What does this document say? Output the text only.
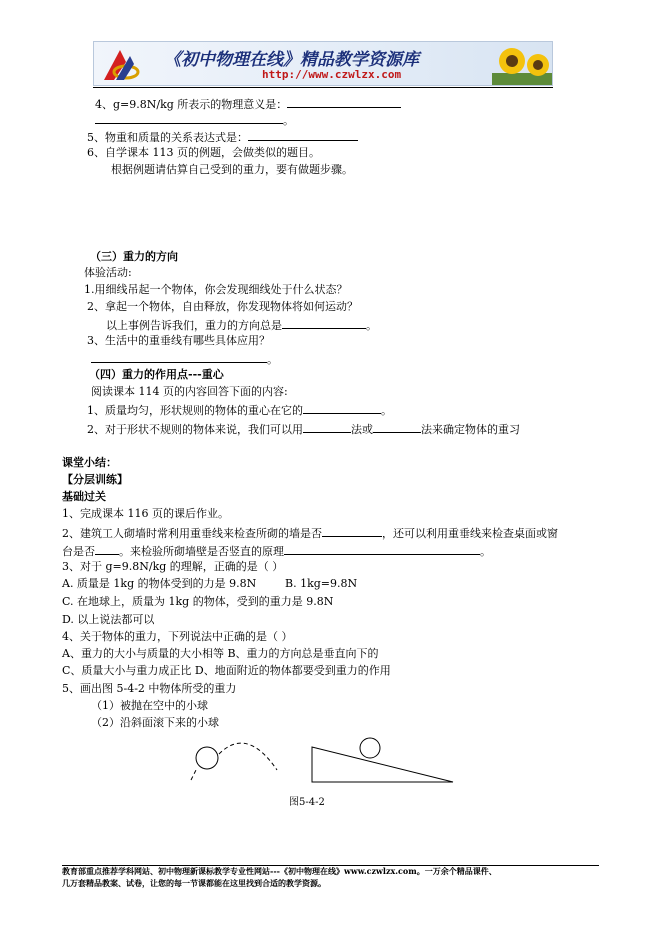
《初中物理在线》精品教学资源库
http://www.czwlzx.com
4、g=9.8N/kg 所表示的物理意义是：
。
5、物重和质量的关系表达式是：
6、自学课本 113 页的例题，会做类似的题目。
根据例题请估算自己受到的重力，要有做题步骤。
（三）重力的方向
体验活动:
1.用细线吊起一个物体，你会发现细线处于什么状态？
2、拿起一个物体，自由释放，你发现物体将如何运动？
以上事例告诉我们，重力的方向总是	。
3、生活中的重垂线有哪些具体应用？
。
（四）重力的作用点---重心
阅读课本 114 页的内容回答下面的内容:
1、质量均匀，形状规则的物体的重心在它的	。
2、对于形状不规则的物体来说，我们可以用	法或	法来确定物体的重习
课堂小结：
【分层训练】
基础过关
1、完成课本 116 页的课后作业。
2、建筑工人砌墙时常利用重垂线来检查所砌的墙是否	，还可以利用重垂线来检查桌面或窗
台是否 。来检验所砌墙壁是否竖直的原理	。
3、对于 g=9.8N/kg 的理解，正确的是（ ）
A. 质量是 1kg 的物体受到的力是 9.8N	B. 1kg=9.8N
C. 在地球上，质量为 1kg 的物体，受到的重力是 9.8N
D. 以上说法都可以
4、关于物体的重力，下列说法中正确的是（ ）
A、重力的大小与质量的大小相等 B、重力的方向总是垂直向下的
C、质量大小与重力成正比 D、地面附近的物体都要受到重力的作用
5、画出图 5-4-2 中物体所受的重力
（1）被抛在空中的小球
（2）沿斜面滚下来的小球
图5-4-2
教育部重点推荐学科网站、初中物理新课标教学专业性网站---《初中物理在线》www.czwlzx.com。一万余个精品课件、
几万套精品教案、试卷，让您的每一节课都能在这里找到合适的教学资源。
